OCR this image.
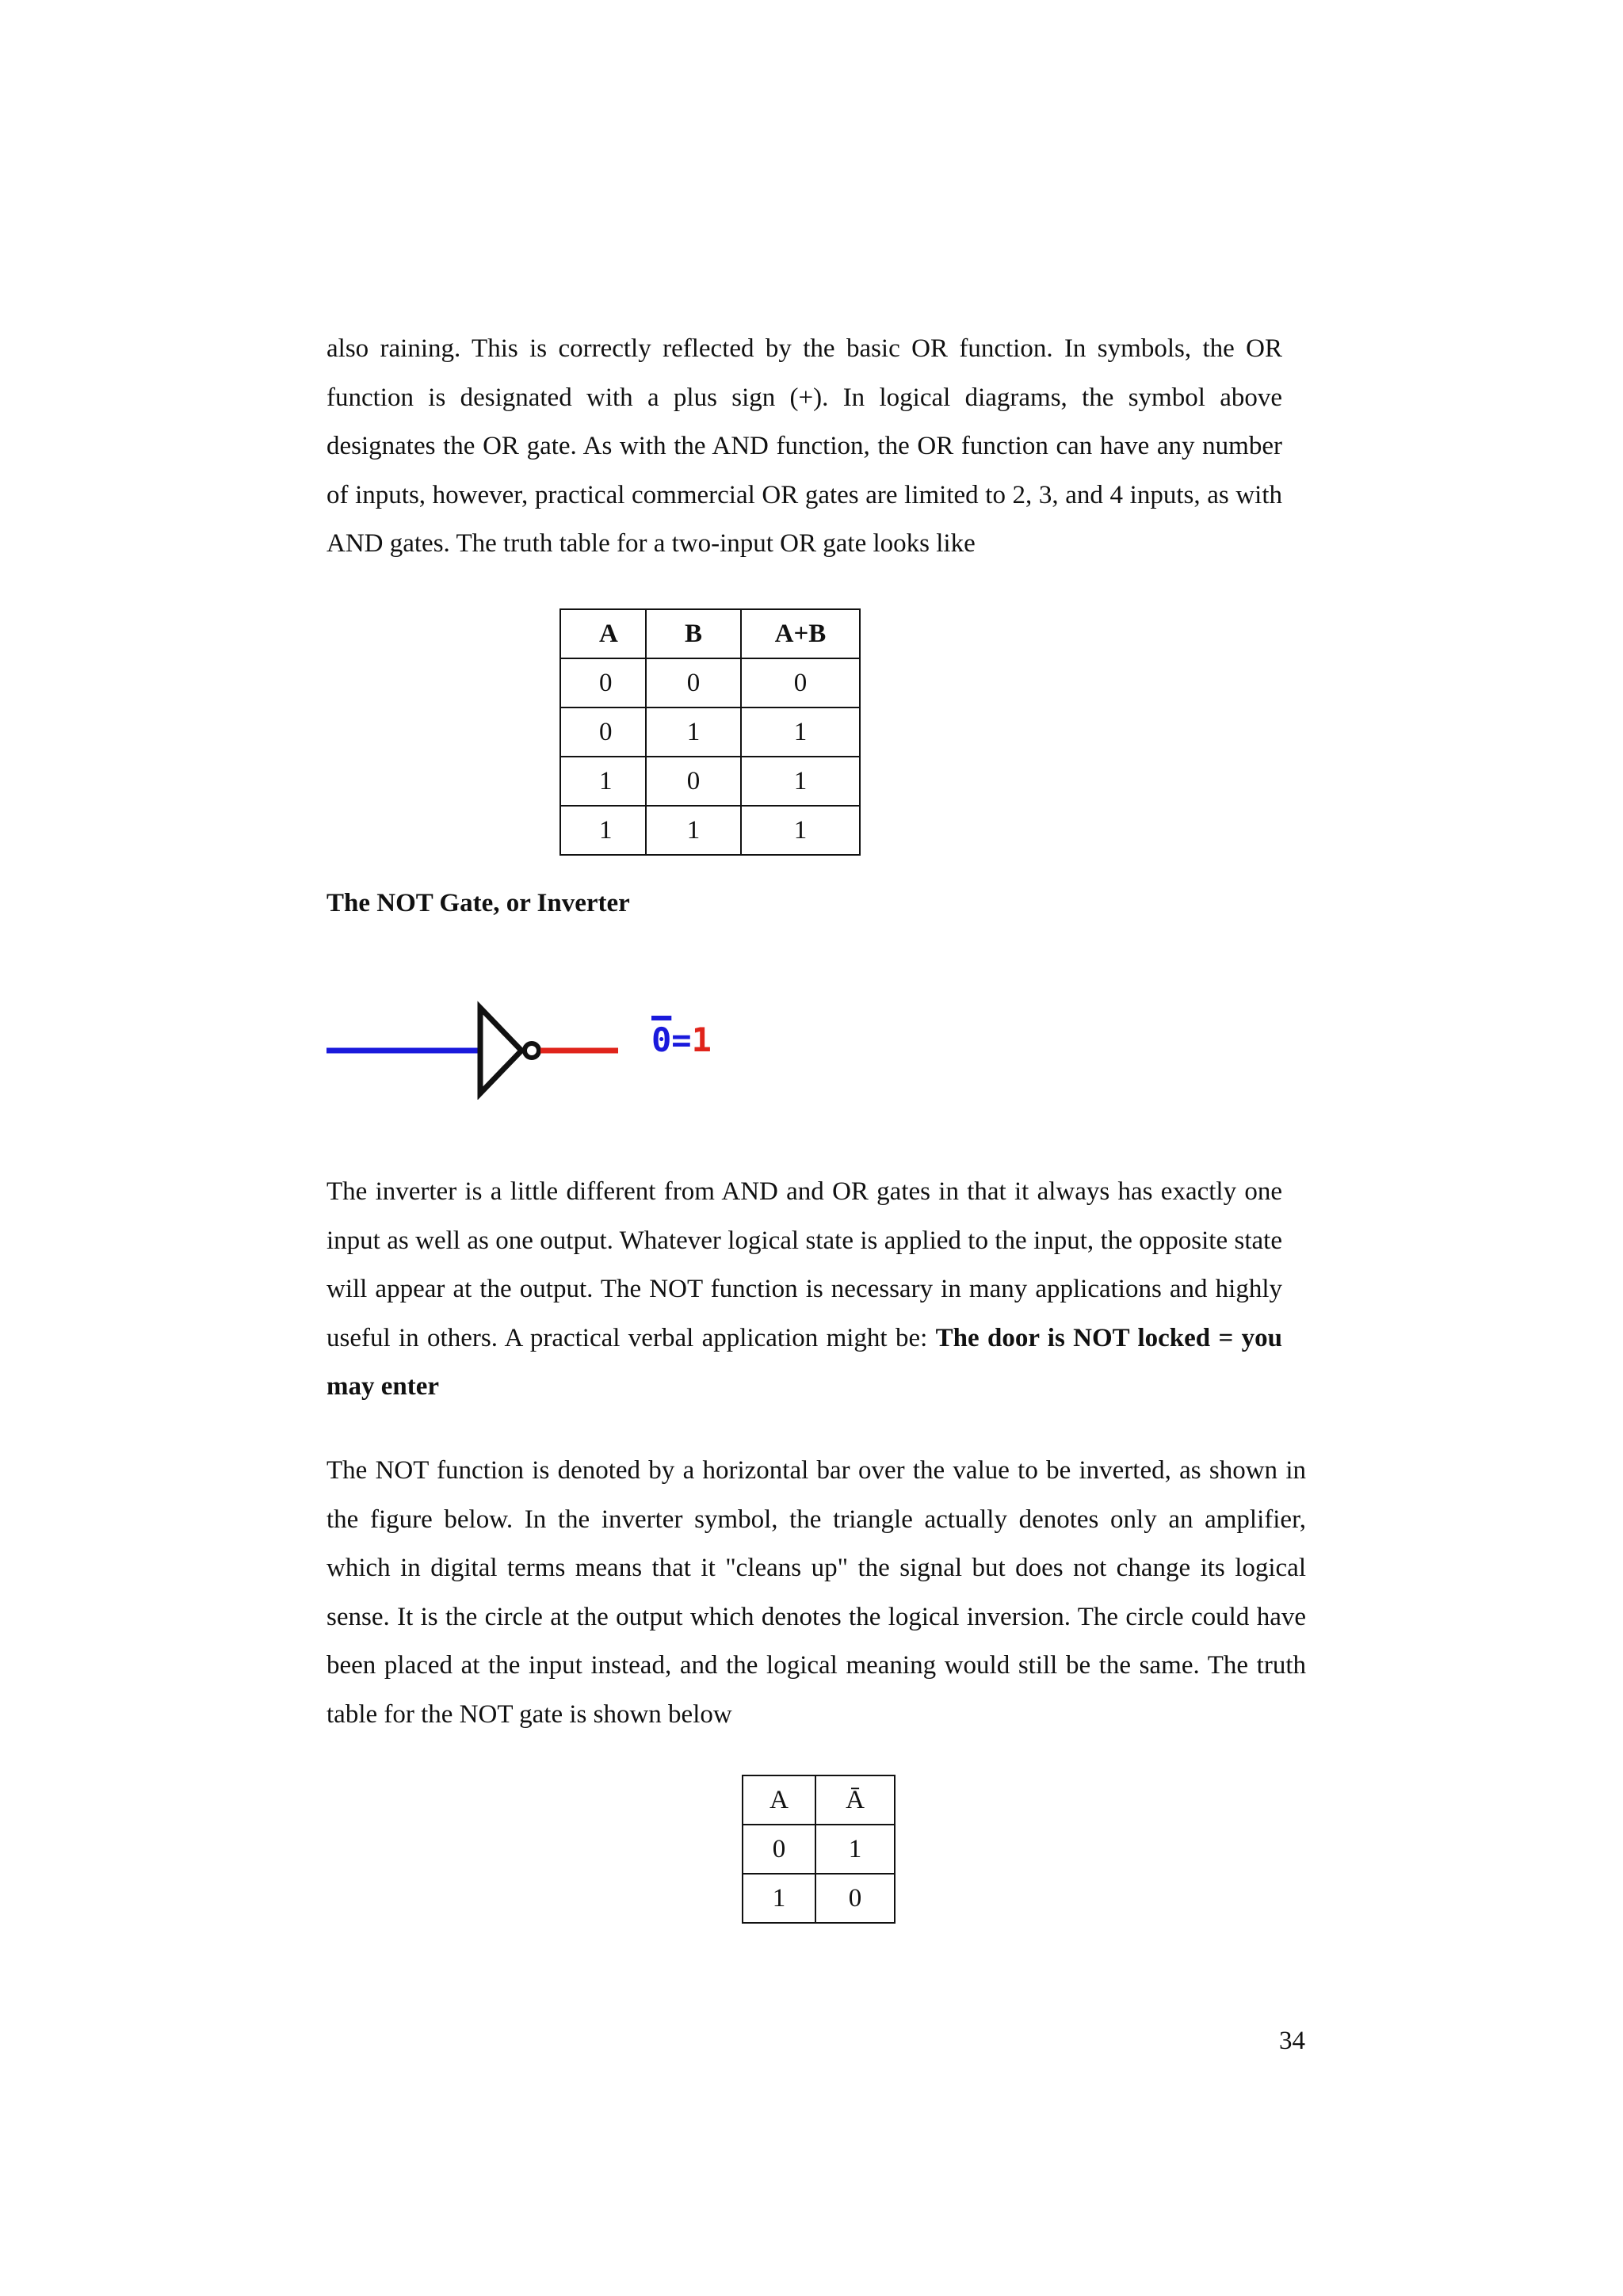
also raining. This is correctly reflected by the basic OR function. In symbols, the OR function is designated with a plus sign (+). In logical diagrams, the symbol above designates the OR gate. As with the AND function, the OR function can have any number of inputs, however, practical commercial OR gates are limited to 2, 3, and 4 inputs, as with AND gates. The truth table for a two-input OR gate looks like

A	B	A+B
0	0	0
0	1	1
1	0	1
1	1	1
The NOT Gate, or Inverter
0=1

The inverter is a little different from AND and OR gates in that it always has exactly one input as well as one output. Whatever logical state is applied to the input, the opposite state will appear at the output. The NOT function is necessary in many applications and highly useful in others. A practical verbal application might be: The door is NOT locked = you may enter

The NOT function is denoted by a horizontal bar over the value to be inverted, as shown in the figure below. In the inverter symbol, the triangle actually denotes only an amplifier, which in digital terms means that it "cleans up" the signal but does not change its logical sense. It is the circle at the output which denotes the logical inversion. The circle could have been placed at the input instead, and the logical meaning would still be the same. The truth table for the NOT gate is shown below

A	Ā
0	1
1	0
34
